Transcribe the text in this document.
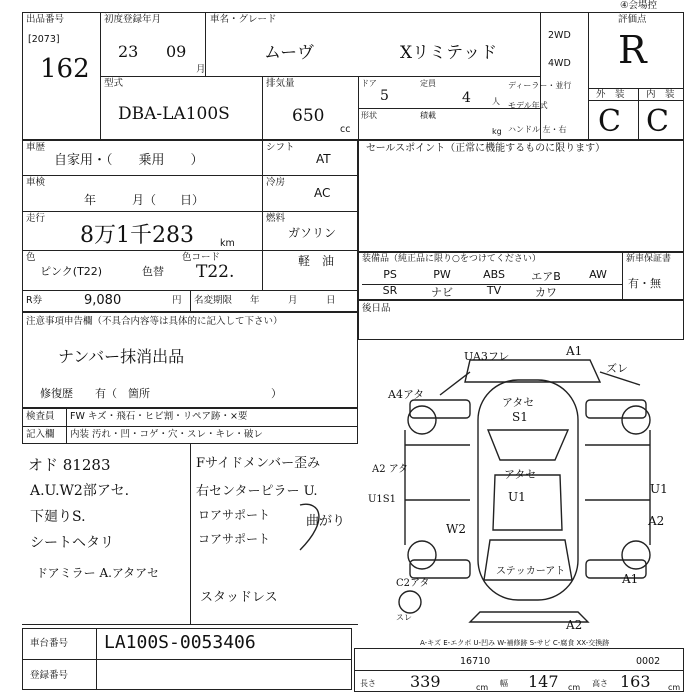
出品番号
[2073]
162
初度登録年月
23 09
月
車名・グレード
ムーヴ	Xリミテッド
2WD
4WD
評価点
R
外　装 内　装
C C
④会場控
型式
DBA-LA100S
排気量
650
cc
ドア
5
定員
4	人
形状	積載
kg
ディーラー・並行
モデル年式
ハンドル 左・右
車歴
自家用・（　　乗用　　）
シフト
AT
車検
年　　　月（　　日）
冷房
AC
走行
8万1千283	km
燃料
ガソリン
軽　油
色
ピンク(T22)	色替
色コード
T22.
R券	9,080	円 名変期限 年　　　月　　　日
セールスポイント（正常に機能するものに限ります）
装備品（純正品に限り○をつけてください）	新車保証書
有・無
PS	PW	ABS	エアB	AW
SR	ナビ	TV	カワ
後日品
注意事項申告欄（不具合内容等は具体的に記入して下さい）
ナンバー抹消出品
修復歴　　有（　箇所　　　　　　　　　　　）
検査員
記入欄
FW キズ・飛石・ヒビ割・リペア跡・×要
内装 汚れ・凹・コゲ・穴・スレ・キレ・破レ
オド 81283
A.U.W2部アセ.
下廻りS.
シートヘタリ
ドアミラー A.アタアセ
Fサイドメンバー歪み
右センターピラー U.
ロアサポート
コアサポート
曲がり
スタッドレス
UA3フレ	A1
ズレ
A4アタ
アタセ
S1
A2 アタ
U1S1
アタセ
U1
U1
A2
W2
C2アタ
ステッカーアト
A1
A2
スレ
車台番号 LA100S-0053406
登録番号
A-キズ E-エクボ U-凹み W-補修跡 S-サビ C-腐食 XX-交換跡
16710	0002
長さ 339	幅 147	高さ 163
cm	cm	cm
